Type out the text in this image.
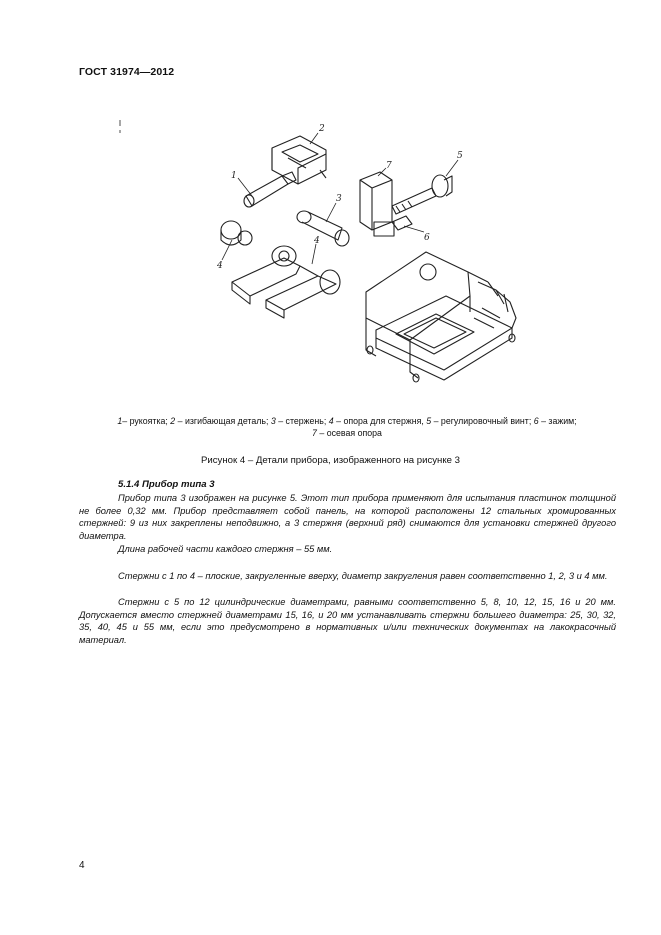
ГОСТ 31974—2012
2
1
3
4
4
5
6
7
1– рукоятка; 2 – изгибающая деталь; 3 – стержень; 4 – опора для стержня, 5 – регулировочный винт; 6 – зажим;
7 – осевая опора
Рисунок 4 – Детали прибора, изображенного на рисунке 3
5.1.4 Прибор типа 3
Прибор типа 3 изображен на рисунке 5. Этот тип прибора применяют для испытания пластинок толщиной не более 0,32 мм. Прибор представляет собой панель, на которой расположены 12 стальных хромированных стержней: 9 из них закреплены неподвижно, а 3 стержня (верхний ряд) снимаются для установки стержней другого диаметра.
Длина рабочей части каждого стержня – 55 мм.
Стержни с 1 по 4 – плоские, закругленные вверху, диаметр закругления равен соответственно 1, 2, 3 и 4 мм.
Стержни с 5 по 12 цилиндрические диаметрами, равными соответственно 5, 8, 10, 12, 15, 16 и 20 мм. Допускается вместо стержней диаметрами 15, 16, и 20 мм устанавливать стержни большего диаметра: 25, 30, 32, 35, 40, 45 и 55 мм, если это предусмотрено в нормативных и/или технических документах на лакокрасочный материал.
4
